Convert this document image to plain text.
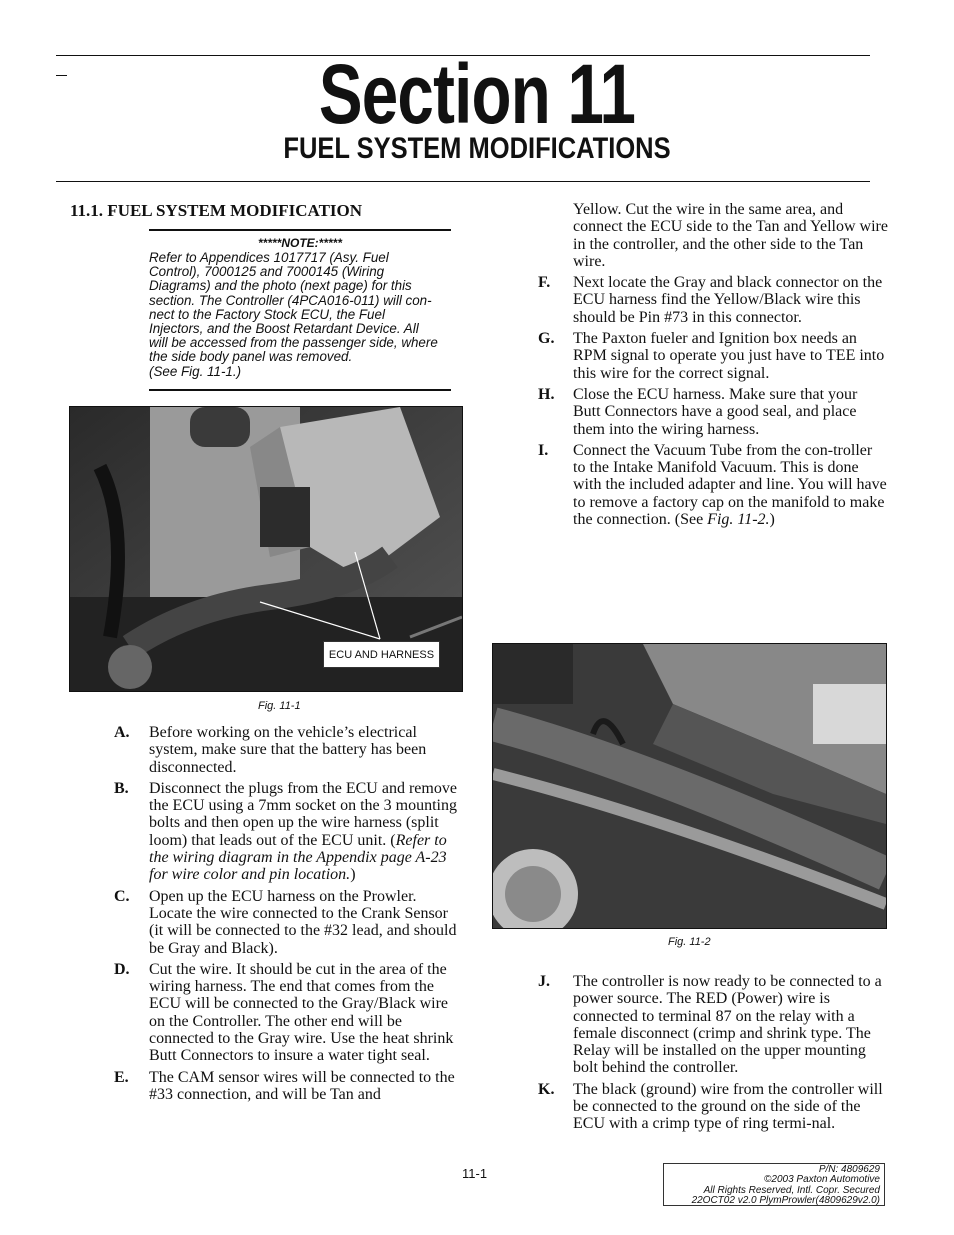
Section 11
FUEL SYSTEM MODIFICATIONS
11.1. FUEL SYSTEM MODIFICATION
*****NOTE:*****
Refer to Appendices 1017717 (Asy. Fuel
Control), 7000125 and 7000145 (Wiring
Diagrams) and the photo (next page) for this
section. The Controller (4PCA016-011) will con-
nect to the Factory Stock ECU, the Fuel
Injectors, and the Boost Retardant Device. All
will be accessed from the passenger side, where
the side body panel was removed.
(See Fig. 11-1.)
ECU AND HARNESS
Fig. 11-1
A. Before working on the vehicle’s electrical system, make sure that the battery has been disconnected.
B. Disconnect the plugs from the ECU and remove the ECU using a 7mm socket on the 3 mounting bolts and then open up the wire harness (split loom) that leads out of the ECU unit. (Refer to the wiring diagram in the Appendix page A-23 for wire color and pin location.)
C. Open up the ECU harness on the Prowler. Locate the wire connected to the Crank Sensor (it will be connected to the #32 lead, and should be Gray and Black).
D. Cut the wire. It should be cut in the area of the wiring harness. The end that comes from the ECU will be connected to the Gray/Black wire on the Controller. The other end will be connected to the Gray wire. Use the heat shrink Butt Connectors to insure a water tight seal.
E. The CAM sensor wires will be connected to the #33 connection, and will be Tan and
Yellow. Cut the wire in the same area, and connect the ECU side to the Tan and Yellow wire in the controller, and the other side to the Tan wire.
F. Next locate the Gray and black connector on the ECU harness find the Yellow/Black wire this should be Pin #73 in this connector.
G. The Paxton fueler and Ignition box needs an RPM signal to operate you just have to TEE into this wire for the correct signal.
H. Close the ECU harness. Make sure that your Butt Connectors have a good seal, and place them into the wiring harness.
I. Connect the Vacuum Tube from the con-troller to the Intake Manifold Vacuum. This is done with the included adapter and line. You will have to remove a factory cap on the manifold to make the connection. (See Fig. 11-2.)
Fig. 11-2
J. The controller is now ready to be connected to a power source. The RED (Power) wire is connected to terminal 87 on the relay with a female disconnect (crimp and shrink type. The Relay will be installed on the upper mounting bolt behind the controller.
K. The black (ground) wire from the controller will be connected to the ground on the side of the ECU with a crimp type of ring termi-nal.
11-1	P/N: 4809629
©2003 Paxton Automotive
All Rights Reserved, Intl. Copr. Secured
22OCT02 v2.0 PlymProwler(4809629v2.0)
